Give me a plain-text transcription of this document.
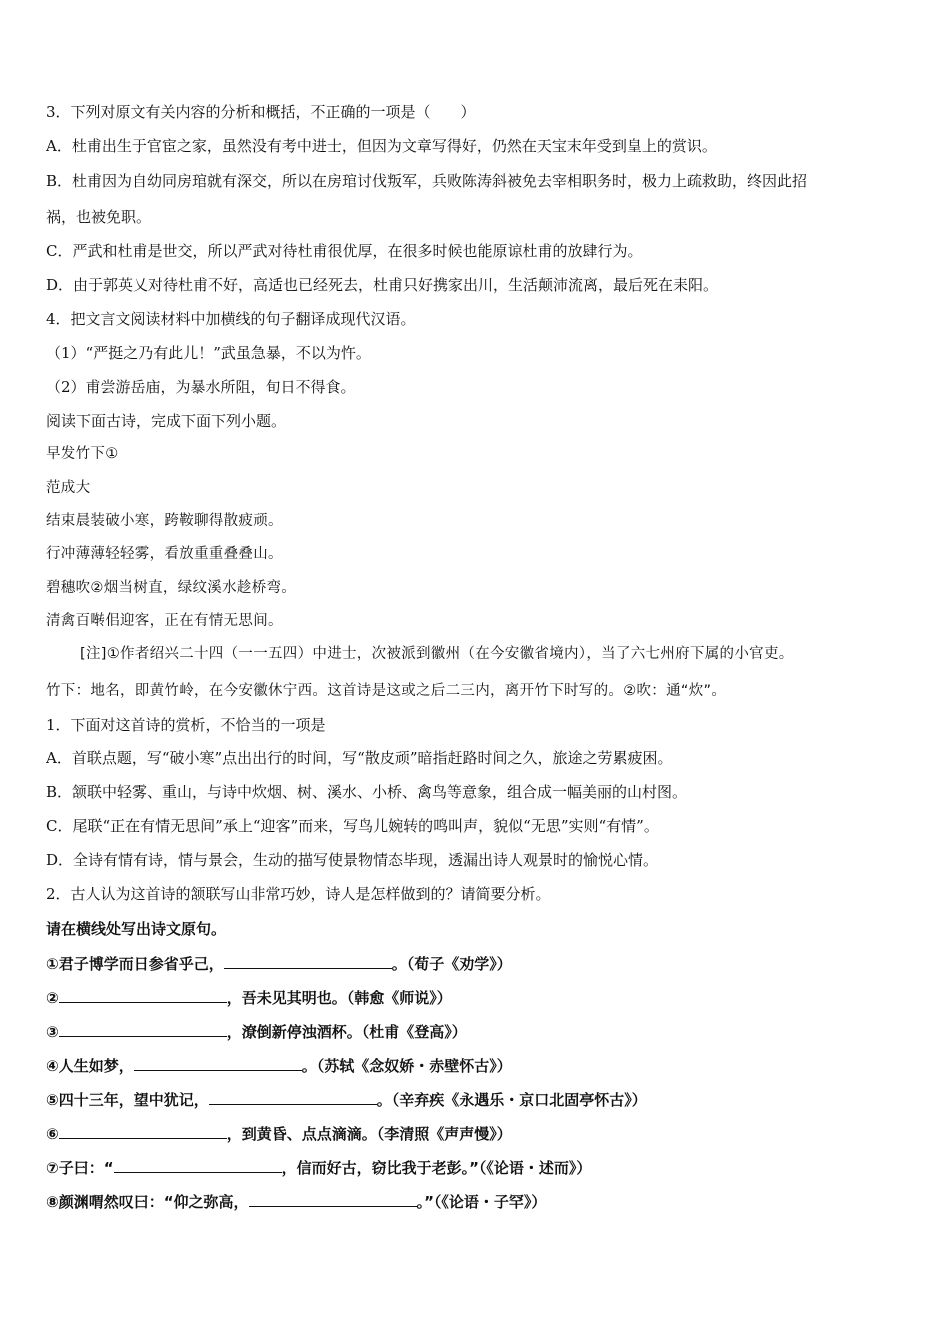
3．下列对原文有关内容的分析和概括，不正确的一项是（　　）
A．杜甫出生于官宦之家，虽然没有考中进士，但因为文章写得好，仍然在天宝末年受到皇上的赏识。
B．杜甫因为自幼同房琯就有深交，所以在房琯讨伐叛军，兵败陈涛斜被免去宰相职务时，极力上疏救助，终因此招
祸，也被免职。
C．严武和杜甫是世交，所以严武对待杜甫很优厚，在很多时候也能原谅杜甫的放肆行为。
D．由于郭英乂对待杜甫不好，高适也已经死去，杜甫只好携家出川，生活颠沛流离，最后死在耒阳。
4．把文言文阅读材料中加横线的句子翻译成现代汉语。
（1）“严挺之乃有此儿！”武虽急暴，不以为忤。
（2）甫尝游岳庙，为暴水所阻，旬日不得食。
阅读下面古诗，完成下面下列小题。
早发竹下①
范成大
结束晨装破小寒，跨鞍聊得散疲顽。
行冲薄薄轻轻雾，看放重重叠叠山。
碧穗吹②烟当树直，绿纹溪水趁桥弯。
清禽百啭佀迎客，正在有情无思间。
[注]①作者绍兴二十四（一一五四）中进士，次被派到徽州（在今安徽省境内），当了六七州府下属的小官吏。
竹下：地名，即黄竹岭，在今安徽休宁西。这首诗是这或之后二三内，离开竹下时写的。②吹：通“炊”。
1．下面对这首诗的赏析，不恰当的一项是
A．首联点题，写“破小寒”点出出行的时间，写“散皮顽”暗指赶路时间之久，旅途之劳累疲困。
B．颔联中轻雾、重山，与诗中炊烟、树、溪水、小桥、禽鸟等意象，组合成一幅美丽的山村图。
C．尾联“正在有情无思间”承上“迎客”而来，写鸟儿婉转的鸣叫声，貌似“无思”实则“有情”。
D．全诗有情有诗，情与景会，生动的描写使景物情态毕现，透漏出诗人观景时的愉悦心情。
2．古人认为这首诗的颔联写山非常巧妙，诗人是怎样做到的？请简要分析。
请在横线处写出诗文原句。
①君子博学而日参省乎己，	。（荀子《劝学》）
②	，吾未见其明也。（韩愈《师说》）
③	，潦倒新停浊酒杯。（杜甫《登高》）
④人生如梦，	。（苏轼《念奴娇・赤壁怀古》）
⑤四十三年，望中犹记，	。（辛弃疾《永遇乐・京口北固亭怀古》）
⑥	，到黄昏、点点滴滴。（李清照《声声慢》）
⑦子曰：“	，信而好古，窃比我于老彭。”（《论语・述而》）
⑧颜渊喟然叹曰：“仰之弥高，	。”（《论语・子罕》）
